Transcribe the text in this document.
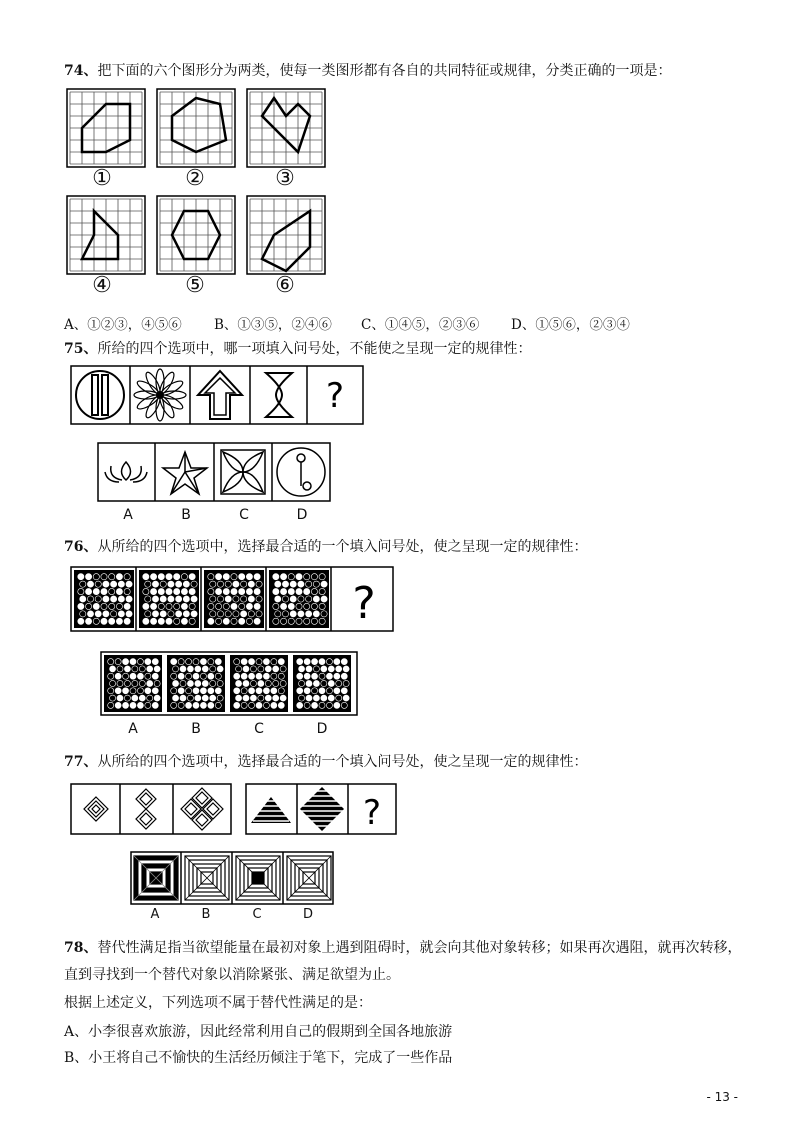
74、把下面的六个图形分为两类，使每一类图形都有各自的共同特征或规律，分类正确的一项是：
①	②	③
④	⑤	⑥
A、①②③，④⑤⑥ B、①③⑤，②④⑥ C、①④⑤，②③⑥ D、①⑤⑥，②③④
75、所给的四个选项中，哪一项填入问号处，不能使之呈现一定的规律性：
?
A	B	C	D
76、从所给的四个选项中，选择最合适的一个填入问号处，使之呈现一定的规律性：
?
A	B	C	D
77、从所给的四个选项中，选择最合适的一个填入问号处，使之呈现一定的规律性：
?
A	B	C	D
78、替代性满足指当欲望能量在最初对象上遇到阻碍时，就会向其他对象转移；如果再次遇阻，就再次转移，
直到寻找到一个替代对象以消除紧张、满足欲望为止。
根据上述定义，下列选项不属于替代性满足的是：
A、小李很喜欢旅游，因此经常利用自己的假期到全国各地旅游
B、小王将自己不愉快的生活经历倾注于笔下，完成了一些作品
- 13 -
